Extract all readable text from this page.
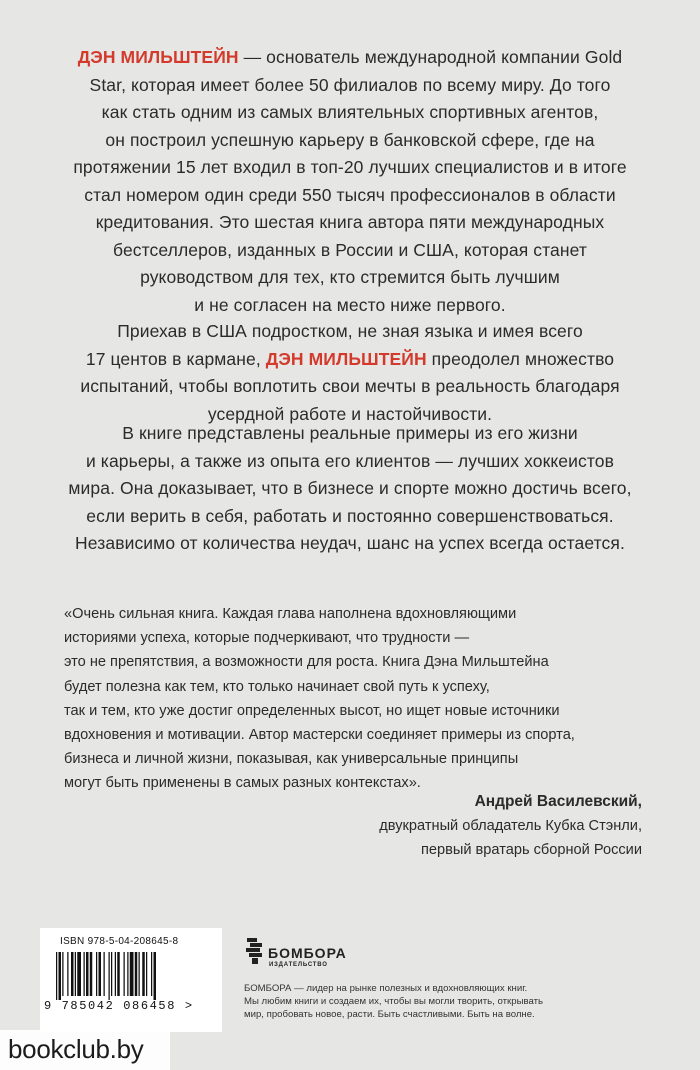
ДЭН МИЛЬШТЕЙН — основатель международной компании Gold
Star, которая имеет более 50 филиалов по всему миру. До того
как стать одним из самых влиятельных спортивных агентов,
он построил успешную карьеру в банковской сфере, где на
протяжении 15 лет входил в топ-20 лучших специалистов и в итоге
стал номером один среди 550 тысяч профессионалов в области
кредитования. Это шестая книга автора пяти международных
бестселлеров, изданных в России и США, которая станет
руководством для тех, кто стремится быть лучшим
и не согласен на место ниже первого.
Приехав в США подростком, не зная языка и имея всего
17 центов в кармане, ДЭН МИЛЬШТЕЙН преодолел множество
испытаний, чтобы воплотить свои мечты в реальность благодаря
усердной работе и настойчивости.
В книге представлены реальные примеры из его жизни
и карьеры, а также из опыта его клиентов — лучших хоккеистов
мира. Она доказывает, что в бизнесе и спорте можно достичь всего,
если верить в себя, работать и постоянно совершенствоваться.
Независимо от количества неудач, шанс на успех всегда остается.
«Очень сильная книга. Каждая глава наполнена вдохновляющими
историями успеха, которые подчеркивают, что трудности —
это не препятствия, а возможности для роста. Книга Дэна Мильштейна
будет полезна как тем, кто только начинает свой путь к успеху,
так и тем, кто уже достиг определенных высот, но ищет новые источники
вдохновения и мотивации. Автор мастерски соединяет примеры из спорта,
бизнеса и личной жизни, показывая, как универсальные принципы
могут быть применены в самых разных контекстах».
Андрей Василевский,
двукратный обладатель Кубка Стэнли,
первый вратарь сборной России
ISBN 978-5-04-208645-8
9 785042 086458 >
БОМБОРА
ИЗДАТЕЛЬСТВО
БОМБОРА — лидер на рынке полезных и вдохновляющих книг.
Мы любим книги и создаем их, чтобы вы могли творить, открывать
мир, пробовать новое, расти. Быть счастливыми. Быть на волне.
bookclub.by
